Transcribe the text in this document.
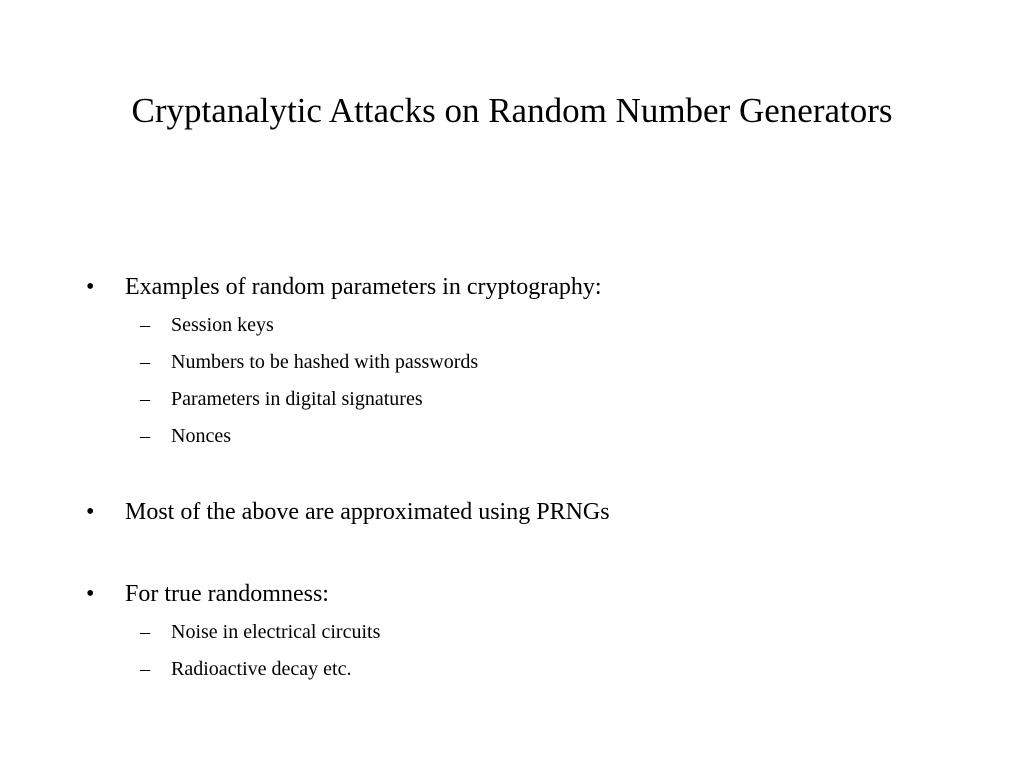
Cryptanalytic Attacks on Random Number Generators
•	Examples of random parameters in cryptography:
– Session keys
– Numbers to be hashed with passwords
– Parameters in digital signatures
– Nonces
•	Most of the above are approximated using PRNGs
•	For true randomness:
– Noise in electrical circuits
– Radioactive decay etc.
